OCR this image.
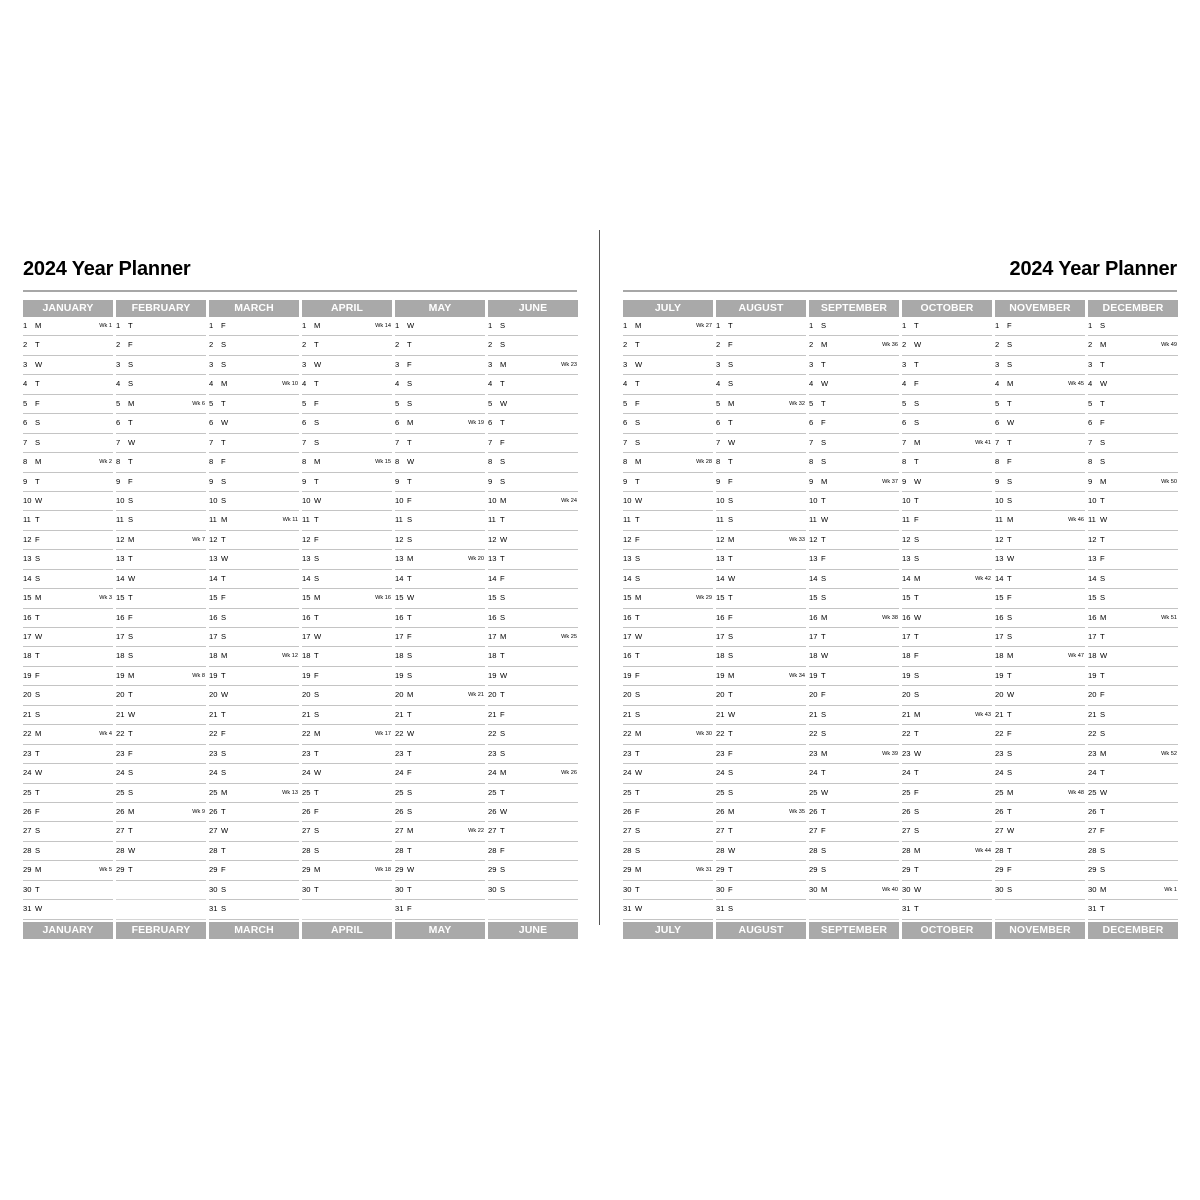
2024 Year Planner
JANUARY
1 M	Wk 1
2 T
3 W
4 T
5 F
6 S
7 S
8 M	Wk 2
9 T
10 W
11 T
12 F
13 S
14 S
15 M	Wk 3
16 T
17 W
18 T
19 F
20 S
21 S
22 M	Wk 4
23 T
24 W
25 T
26 F
27 S
28 S
29 M	Wk 5
30 T
31 W
JANUARY
FEBRUARY
1 T
2 F
3 S
4 S
5 M	Wk 6
6 T
7 W
8 T
9 F
10 S
11 S
12 M	Wk 7
13 T
14 W
15 T
16 F
17 S
18 S
19 M	Wk 8
20 T
21 W
22 T
23 F
24 S
25 S
26 M	Wk 9
27 T
28 W
29 T
FEBRUARY
MARCH
1 F
2 S
3 S
4 M	Wk 10
5 T
6 W
7 T
8 F
9 S
10 S
11 M	Wk 11
12 T
13 W
14 T
15 F
16 S
17 S
18 M	Wk 12
19 T
20 W
21 T
22 F
23 S
24 S
25 M	Wk 13
26 T
27 W
28 T
29 F
30 S
31 S
MARCH
APRIL
1 M	Wk 14
2 T
3 W
4 T
5 F
6 S
7 S
8 M	Wk 15
9 T
10 W
11 T
12 F
13 S
14 S
15 M	Wk 16
16 T
17 W
18 T
19 F
20 S
21 S
22 M	Wk 17
23 T
24 W
25 T
26 F
27 S
28 S
29 M	Wk 18
30 T
APRIL
MAY
1 W
2 T
3 F
4 S
5 S
6 M	Wk 19
7 T
8 W
9 T
10 F
11 S
12 S
13 M	Wk 20
14 T
15 W
16 T
17 F
18 S
19 S
20 M	Wk 21
21 T
22 W
23 T
24 F
25 S
26 S
27 M	Wk 22
28 T
29 W
30 T
31 F
MAY
JUNE
1 S
2 S
3 M	Wk 23
4 T
5 W
6 T
7 F
8 S
9 S
10 M	Wk 24
11 T
12 W
13 T
14 F
15 S
16 S
17 M	Wk 25
18 T
19 W
20 T
21 F
22 S
23 S
24 M	Wk 26
25 T
26 W
27 T
28 F
29 S
30 S
JUNE
2024 Year Planner
JULY
1 M	Wk 27
2 T
3 W
4 T
5 F
6 S
7 S
8 M	Wk 28
9 T
10 W
11 T
12 F
13 S
14 S
15 M	Wk 29
16 T
17 W
16 T
19 F
20 S
21 S
22 M	Wk 30
23 T
24 W
25 T
26 F
27 S
28 S
29 M	Wk 31
30 T
31 W
JULY
AUGUST
1 T
2 F
3 S
4 S
5 M	Wk 32
6 T
7 W
8 T
9 F
10 S
11 S
12 M	Wk 33
13 T
14 W
15 T
16 F
17 S
18 S
19 M	Wk 34
20 T
21 W
22 T
23 F
24 S
25 S
26 M	Wk 35
27 T
28 W
29 T
30 F
31 S
AUGUST
SEPTEMBER
1 S
2 M	Wk 36
3 T
4 W
5 T
6 F
7 S
8 S
9 M	Wk 37
10 T
11 W
12 T
13 F
14 S
15 S
16 M	Wk 38
17 T
18 W
19 T
20 F
21 S
22 S
23 M	Wk 39
24 T
25 W
26 T
27 F
28 S
29 S
30 M	Wk 40
SEPTEMBER
OCTOBER
1 T
2 W
3 T
4 F
5 S
6 S
7 M	Wk 41
8 T
9 W
10 T
11 F
12 S
13 S
14 M	Wk 42
15 T
16 W
17 T
18 F
19 S
20 S
21 M	Wk 43
22 T
23 W
24 T
25 F
26 S
27 S
28 M	Wk 44
29 T
30 W
31 T
OCTOBER
NOVEMBER
1 F
2 S
3 S
4 M	Wk 45
5 T
6 W
7 T
8 F
9 S
10 S
11 M	Wk 46
12 T
13 W
14 T
15 F
16 S
17 S
18 M	Wk 47
19 T
20 W
21 T
22 F
23 S
24 S
25 M	Wk 48
26 T
27 W
28 T
29 F
30 S
NOVEMBER
DECEMBER
1 S
2 M	Wk 49
3 T
4 W
5 T
6 F
7 S
8 S
9 M	Wk 50
10 T
11 W
12 T
13 F
14 S
15 S
16 M	Wk 51
17 T
18 W
19 T
20 F
21 S
22 S
23 M	Wk 52
24 T
25 W
26 T
27 F
28 S
29 S
30 M	Wk 1
31 T
DECEMBER
